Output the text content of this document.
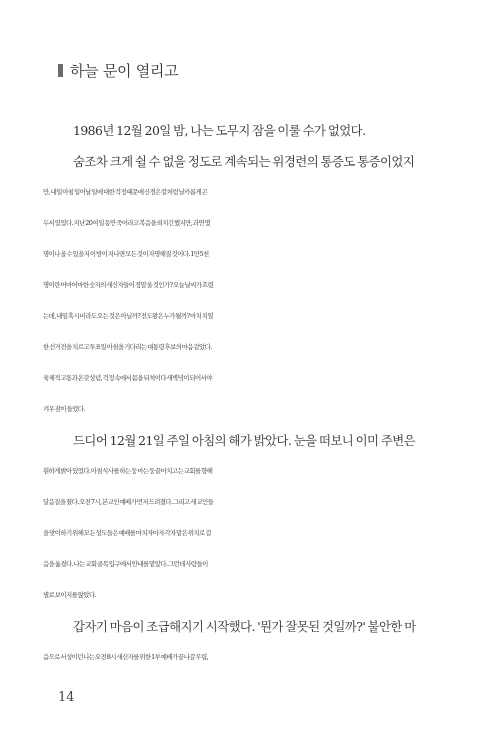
하늘 문이 열리고
1986년 12월 20일 밤, 나는 도무지 잠을 이룰 수가 없었다.
숨조차 크게 쉴 수 없을 정도로 계속되는 위경련의 통증도 통증이었지
만, 내일 아침 일어날 일에 대한 걱정 때문에 신경은 칼처럼 날카롭게 곤
두서 있었다. 지난 20여 일 동안 죽어라고 복음을 외치긴 했지만, 과연 몇
명이나 올 수 있을지 이 밤이 지나면 모든 것이 자명해질 것이다. 1만5천
명이란 어마어마한 숫자의 새신자들이 정말 올 것인가? 오늘 날씨가 흐렸
는데, 내일 혹시 비라도 오는 것은 아닐까? 전도왕은 누가 될까? 마치 치열
한 선거전을 치르고 투표일 아침을 기다리는 대통령 후보의 마음 같았다.
육체적 고통과 온갖 상념, 걱정 속에서 몸을 뒤척이다 새벽녘이 되어서야
겨우 잠이 들었다.
드디어 12월 21일 주일 아침의 해가 밝았다. 눈을 떠보니 이미 주변은
훤하게 밝아 있었다. 아침식사를 하는 둥 마는 둥 끝마치고는 교회를 향해
달음질을 쳤다. 오전 7시, 본교인 예배가 먼저 드려졌다. 그리고 새 교인들
을 맞이하기 위해 모든 성도들은 예배를 마치자마자 각자 맡은 위치로 걸
음을 옮겼다. 나는 교회 골목 입구에서 안내를 맡았다. 그런데 사람들이
별로 보이지를 않았다.
갑자기 마음이 조급해지기 시작했다. '뭔가 잘못된 것일까?' 불안한 마
음으로 서성이던 나는 오전 8시 새신자를 위한 1부 예배가 끝나갈 무렵,
14
